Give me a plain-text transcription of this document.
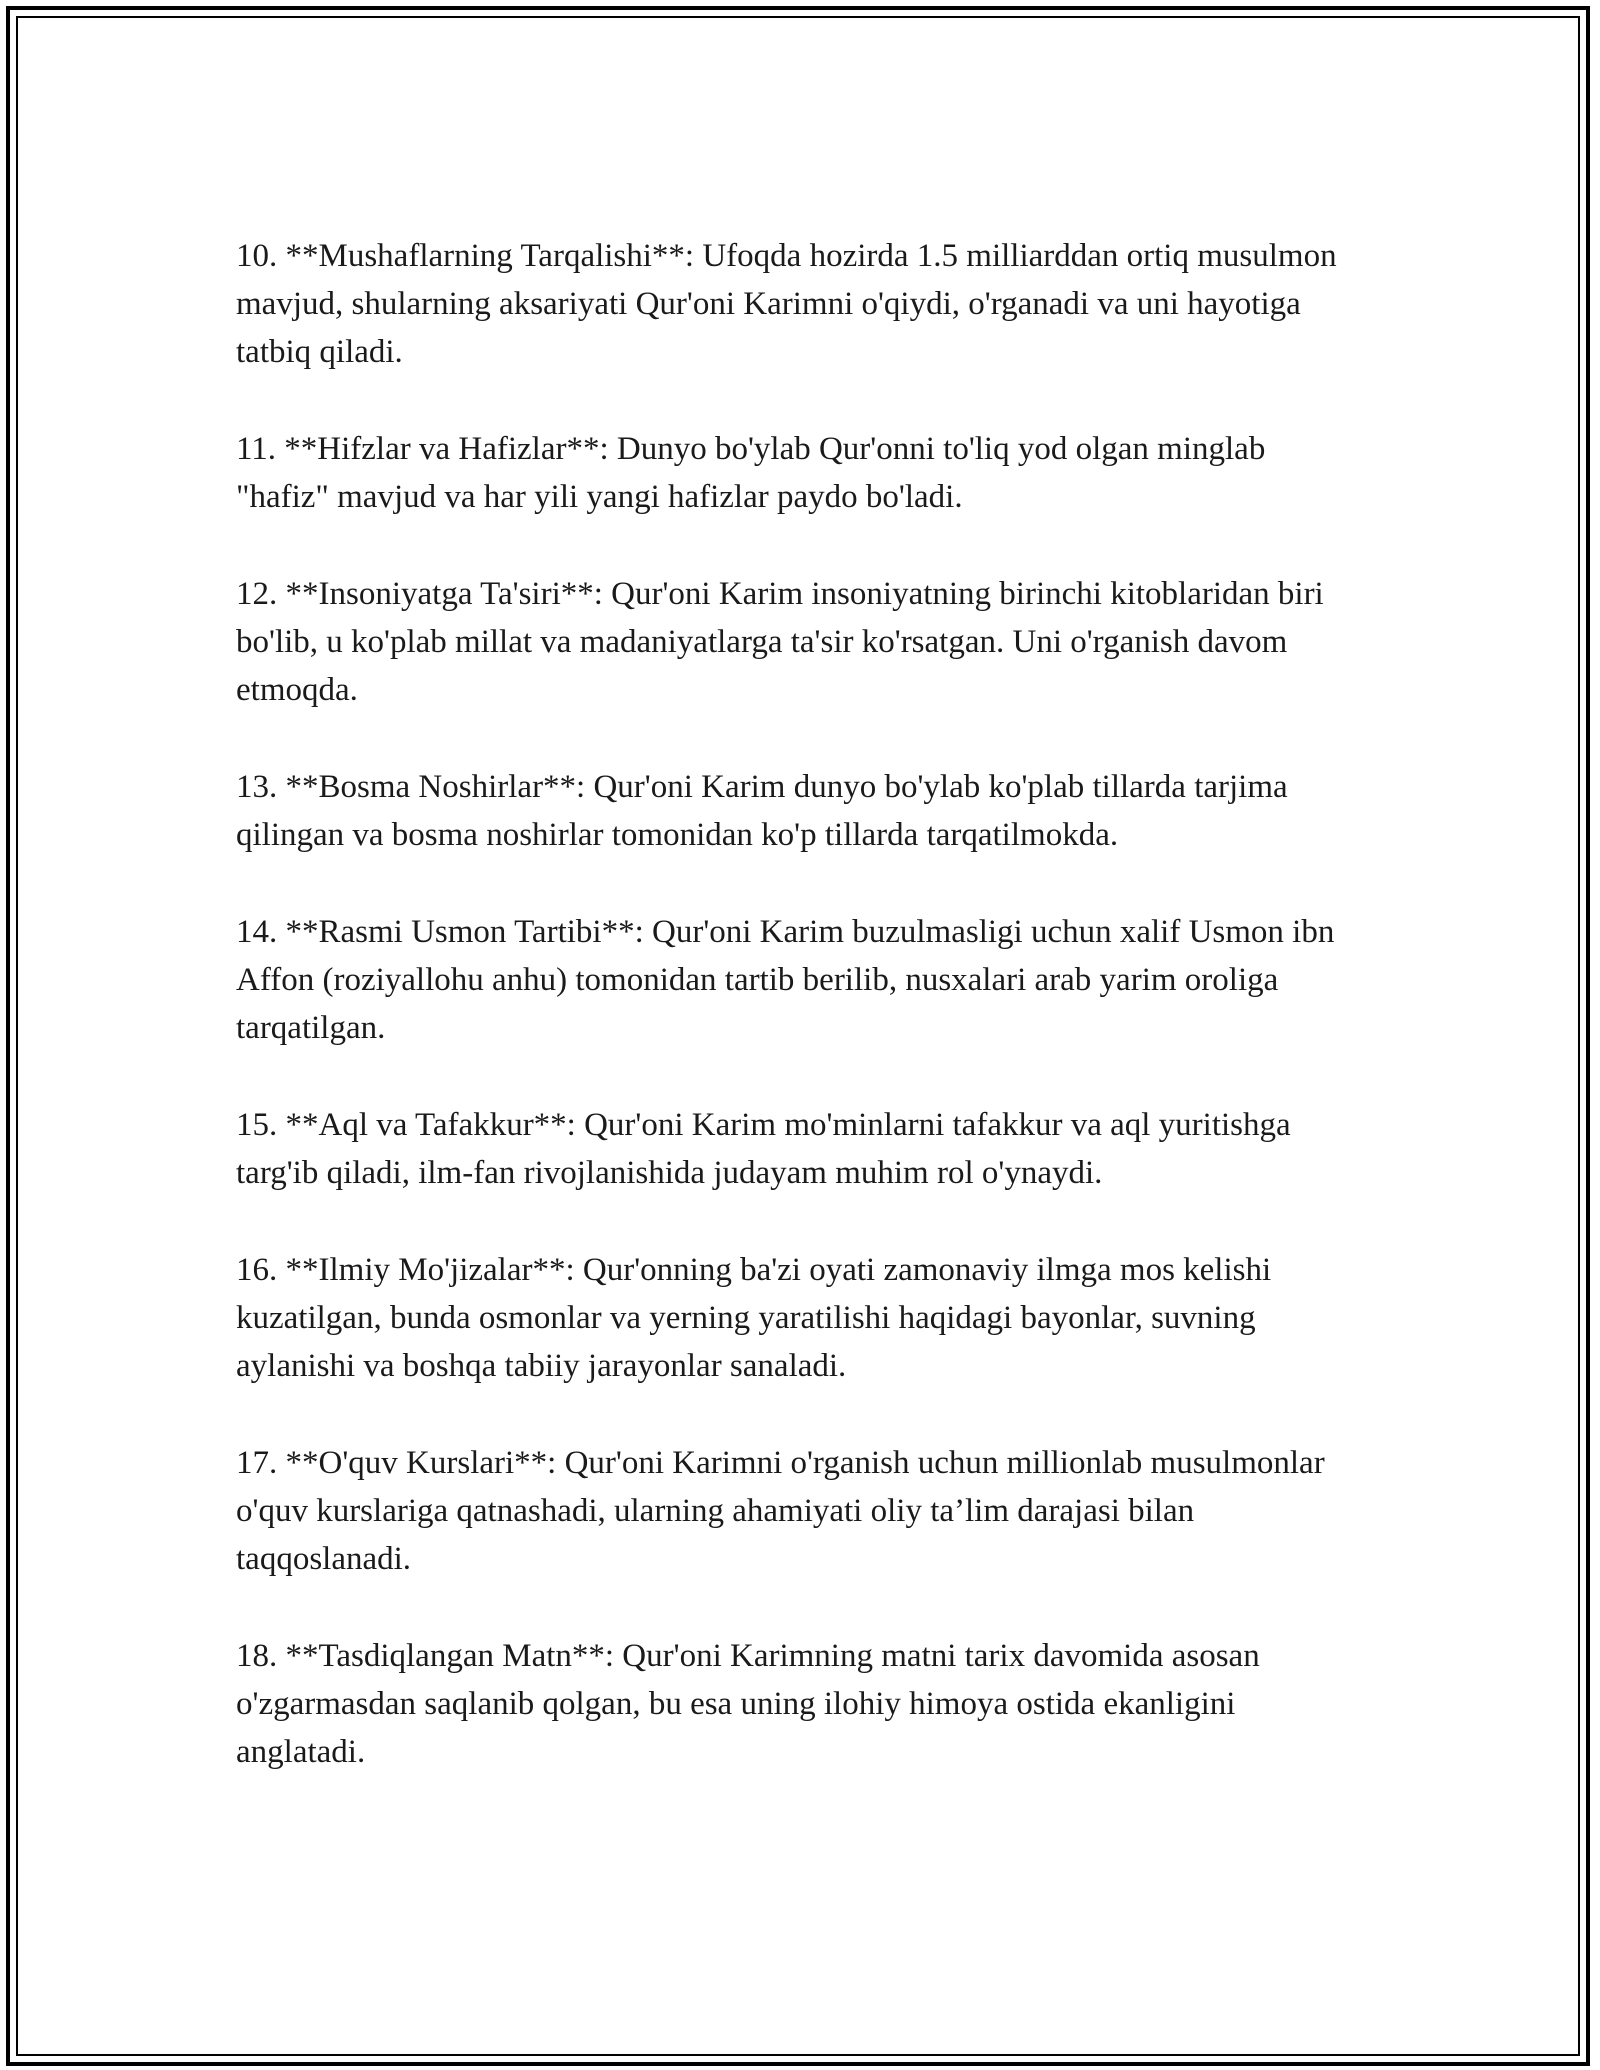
10. **Mushaflarning Tarqalishi**: Ufoqda hozirda 1.5 milliarddan ortiq musulmon mavjud, shularning aksariyati Qur'oni Karimni o'qiydi, o'rganadi va uni hayotiga tatbiq qiladi.

11. **Hifzlar va Hafizlar**: Dunyo bo'ylab Qur'onni to'liq yod olgan minglab "hafiz" mavjud va har yili yangi hafizlar paydo bo'ladi.

12. **Insoniyatga Ta'siri**: Qur'oni Karim insoniyatning birinchi kitoblaridan biri bo'lib, u ko'plab millat va madaniyatlarga ta'sir ko'rsatgan. Uni o'rganish davom etmoqda.

13. **Bosma Noshirlar**: Qur'oni Karim dunyo bo'ylab ko'plab tillarda tarjima qilingan va bosma noshirlar tomonidan ko'p tillarda tarqatilmokda.

14. **Rasmi Usmon Tartibi**: Qur'oni Karim buzulmasligi uchun xalif Usmon ibn Affon (roziyallohu anhu) tomonidan tartib berilib, nusxalari arab yarim oroliga tarqatilgan.

15. **Aql va Tafakkur**: Qur'oni Karim mo'minlarni tafakkur va aql yuritishga targ'ib qiladi, ilm-fan rivojlanishida judayam muhim rol o'ynaydi.

16. **Ilmiy Mo'jizalar**: Qur'onning ba'zi oyati zamonaviy ilmga mos kelishi kuzatilgan, bunda osmonlar va yerning yaratilishi haqidagi bayonlar, suvning aylanishi va boshqa tabiiy jarayonlar sanaladi.

17. **O'quv Kurslari**: Qur'oni Karimni o'rganish uchun millionlab musulmonlar o'quv kurslariga qatnashadi, ularning ahamiyati oliy ta’lim darajasi bilan taqqoslanadi.

18. **Tasdiqlangan Matn**: Qur'oni Karimning matni tarix davomida asosan o'zgarmasdan saqlanib qolgan, bu esa uning ilohiy himoya ostida ekanligini anglatadi.
